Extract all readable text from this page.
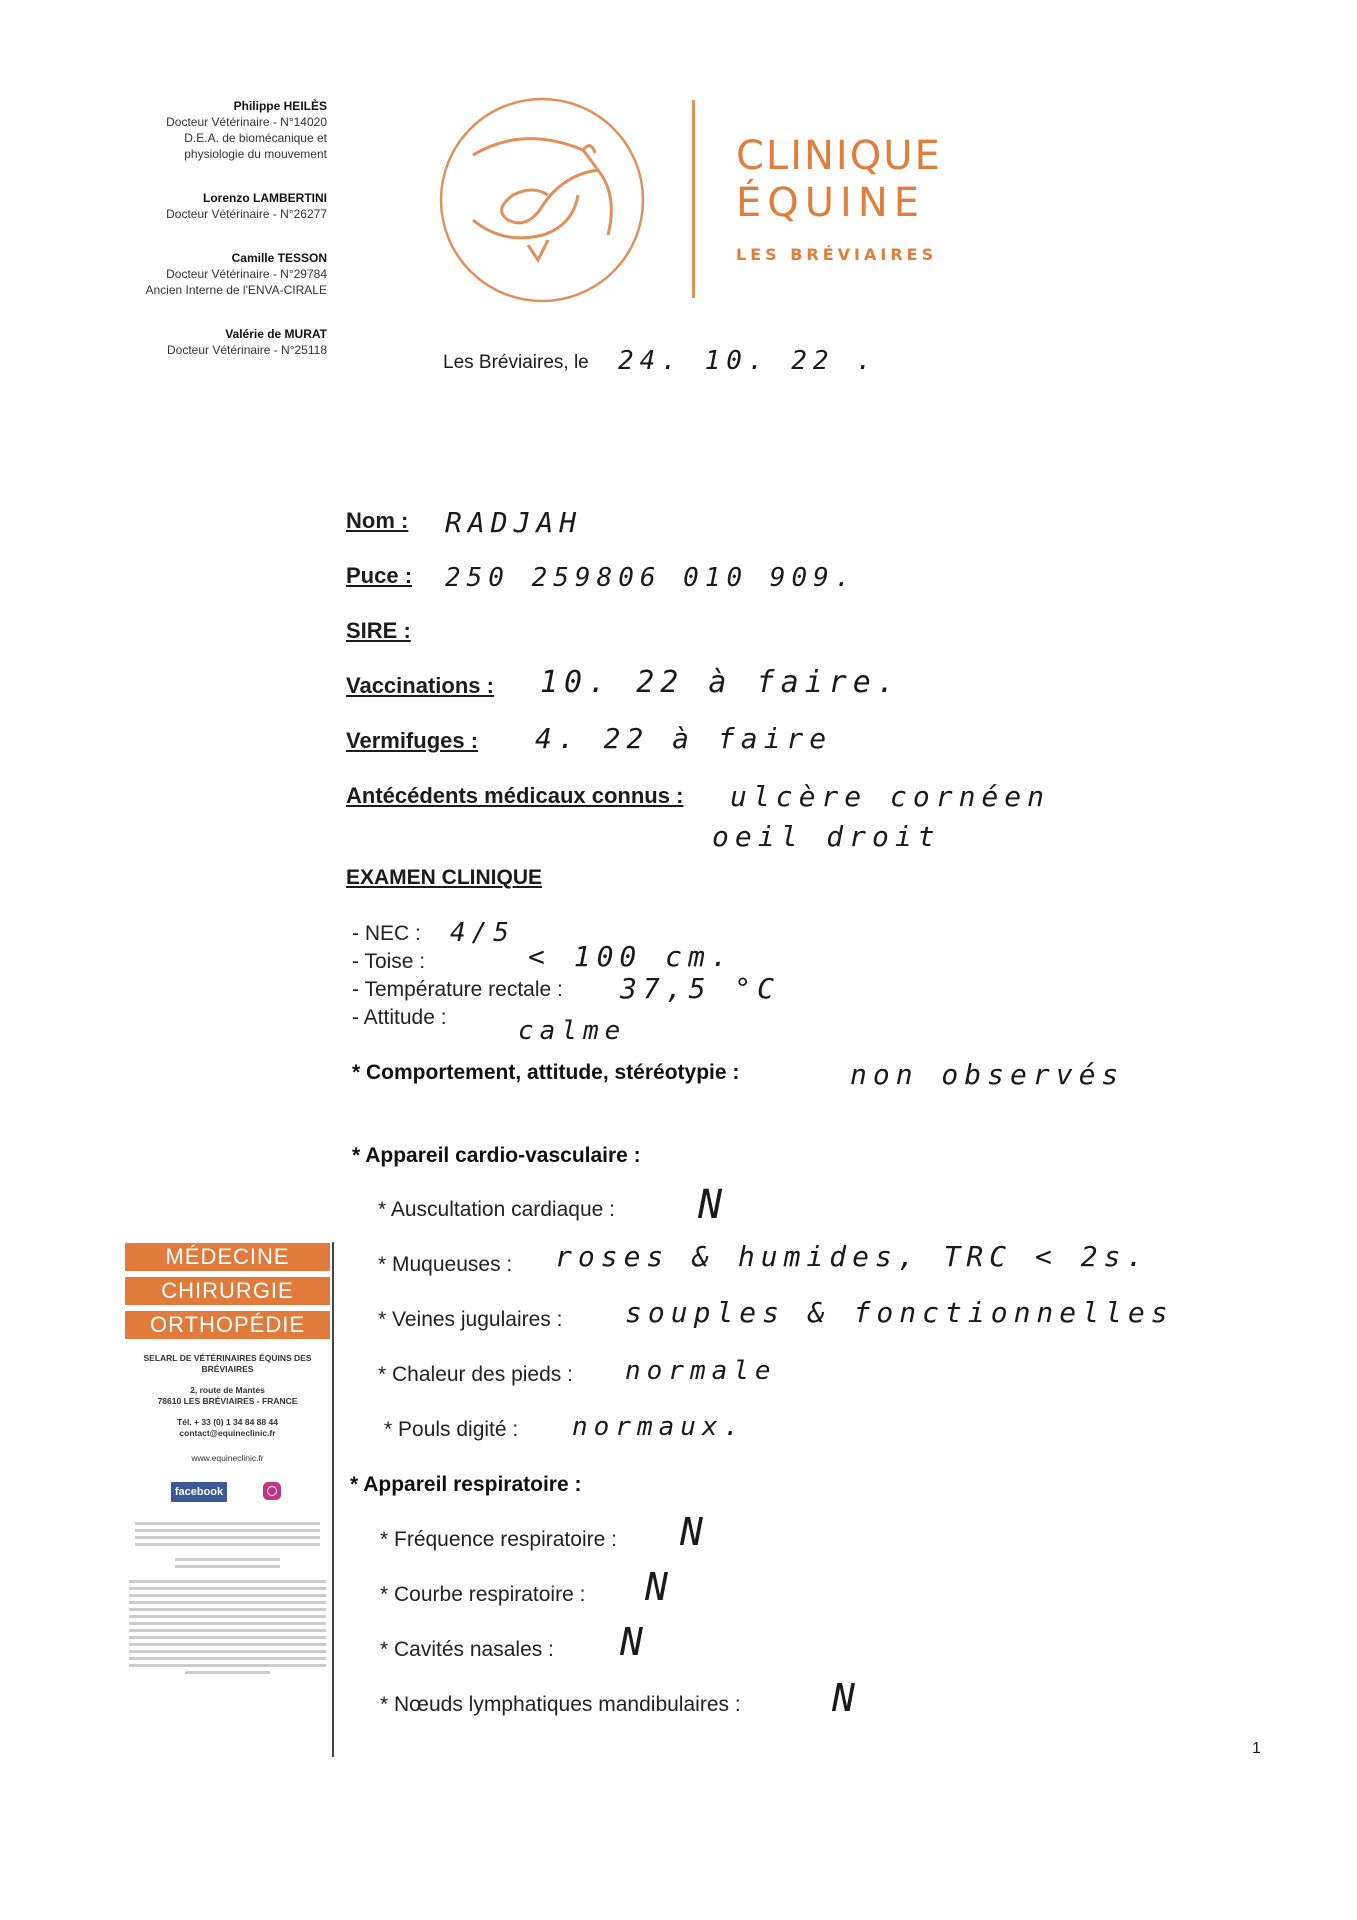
Philippe HEILÈS
Docteur Vétérinaire - N°14020
D.E.A. de biomécanique et
physiologie du mouvement
Lorenzo LAMBERTINI
Docteur Vétérinaire - N°26277
Camille TESSON
Docteur Vétérinaire - N°29784
Ancien Interne de l'ENVA-CIRALE
Valérie de MURAT
Docteur Vétérinaire - N°25118
CLINIQUE
ÉQUINE
LES BRÉVIAIRES
Les Bréviaires, le 24. 10. 22 .
Nom : RADJAH
Puce : 250 259806 010 909.
SIRE :
Vaccinations : 10. 22 à faire.
Vermifuges : 4. 22 à faire
Antécédents médicaux connus : ulcère cornéen
oeil droit
EXAMEN CLINIQUE
- NEC : 4/5
- Toise :	< 100 cm.
- Température rectale : 37,5 °C
- Attitude :	calme
* Comportement, attitude, stéréotypie :	non observés
* Appareil cardio-vasculaire :
* Auscultation cardiaque : N
* Muqueuses : roses & humides, TRC < 2s.
* Veines jugulaires : souples & fonctionnelles
* Chaleur des pieds : normale
* Pouls digité : normaux.
* Appareil respiratoire :
* Fréquence respiratoire : N
* Courbe respiratoire : N
* Cavités nasales : N
* Nœuds lymphatiques mandibulaires : N
MÉDECINE
CHIRURGIE
ORTHOPÉDIE
SELARL DE VÉTÉRINAIRES ÉQUINS DES BRÉVIAIRES
2, route de Mantes
78610 LES BRÉVIAIRES - FRANCE
Tél. + 33 (0) 1 34 84 88 44
contact@equineclinic.fr
www.equineclinic.fr
facebook
1
